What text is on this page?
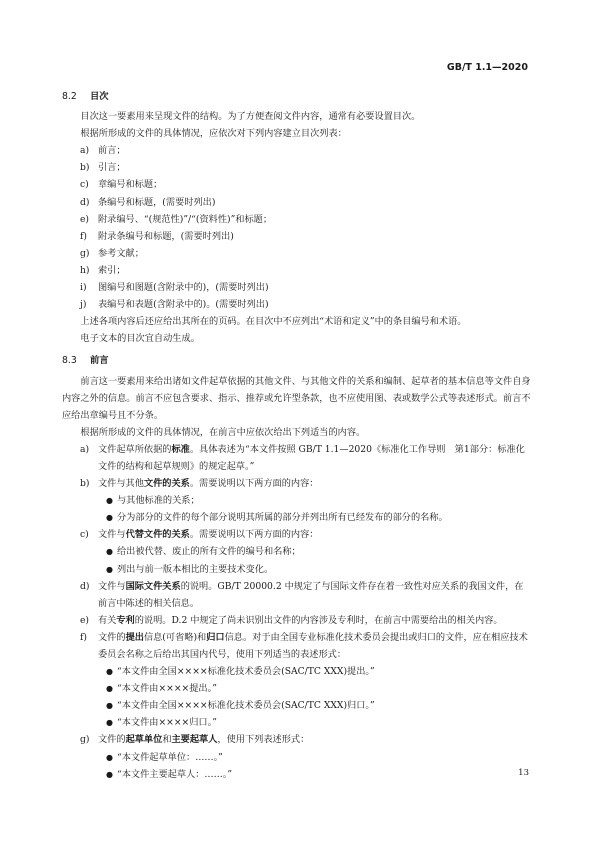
GB/T 1.1—2020
8.2 目次

目次这一要素用来呈现文件的结构。为了方便查阅文件内容，通常有必要设置目次。

根据所形成的文件的具体情况，应依次对下列内容建立目次列表：

a) 前言；
b) 引言；
c)	章编号和标题；
d) 条编号和标题，(需要时列出)
e) 附录编号、“(规范性)”/“(资料性)”和标题；
f)	附录条编号和标题，(需要时列出)
g) 参考文献；
h) 索引；
i)	图编号和图题(含附录中的)，(需要时列出)
j)	表编号和表题(含附录中的)。(需要时列出)

上述各项内容后还应给出其所在的页码。在目次中不应列出“术语和定义”中的条目编号和术语。

电子文本的目次宜自动生成。

8.3 前言

前言这一要素用来给出诸如文件起草依据的其他文件、与其他文件的关系和编制、起草者的基本信息等文件自身内容之外的信息。前言不应包含要求、指示、推荐或允许型条款，也不应使用图、表或数学公式等表述形式。前言不应给出章编号且不分条。

根据所形成的文件的具体情况，在前言中应依次给出下列适当的内容。

a) 文件起草所依据的标准。具体表述为“本文件按照 GB/T 1.1—2020《标准化工作导则　第1部分：标准化文件的结构和起草规则》的规定起草。”
b) 文件与其他文件的关系。需要说明以下两方面的内容：
● 与其他标准的关系；
● 分为部分的文件的每个部分说明其所属的部分并列出所有已经发布的部分的名称。
c)	文件与代替文件的关系。需要说明以下两方面的内容：
● 给出被代替、废止的所有文件的编号和名称；
● 列出与前一版本相比的主要技术变化。
d) 文件与国际文件关系的说明。GB/T 20000.2 中规定了与国际文件存在着一致性对应关系的我国文件，在前言中陈述的相关信息。
e) 有关专利的说明。D.2 中规定了尚未识别出文件的内容涉及专利时，在前言中需要给出的相关内容。
f)	文件的提出信息(可省略)和归口信息。对于由全国专业标准化技术委员会提出或归口的文件，应在相应技术委员会名称之后给出其国内代号，使用下列适当的表述形式：
● “本文件由全国××××标准化技术委员会(SAC/TC XXX)提出。”
● “本文件由××××提出。”
● “本文件由全国××××标准化技术委员会(SAC/TC XXX)归口。”
● “本文件由××××归口。”
g) 文件的起草单位和主要起草人，使用下列表述形式：
● “本文件起草单位：……。”
● “本文件主要起草人：……。”	13
